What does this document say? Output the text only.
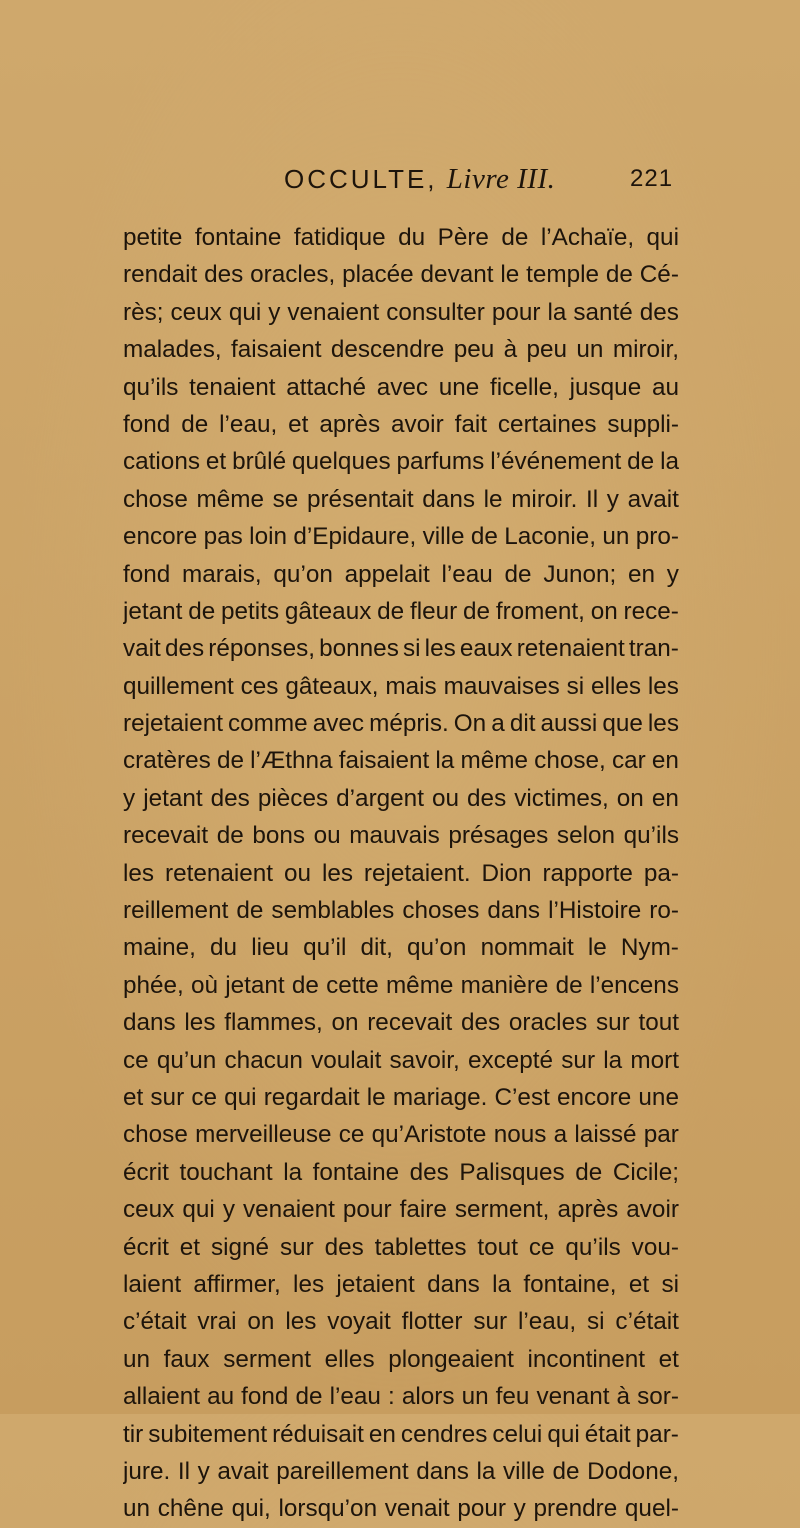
OCCULTE, Livre III.	221
petite fontaine fatidique du Père de l’Achaïe, qui
rendait des oracles, placée devant le temple de Cé-
rès; ceux qui y venaient consulter pour la santé des
malades, faisaient descendre peu à peu un miroir,
qu’ils tenaient attaché avec une ficelle, jusque au
fond de l’eau, et après avoir fait certaines suppli-
cations et brûlé quelques parfums l’événement de la
chose même se présentait dans le miroir. Il y avait
encore pas loin d’Epidaure, ville de Laconie, un pro-
fond marais, qu’on appelait l’eau de Junon; en y
jetant de petits gâteaux de fleur de froment, on rece-
vait des réponses, bonnes si les eaux retenaient tran-
quillement ces gâteaux, mais mauvaises si elles les
rejetaient comme avec mépris. On a dit aussi que les
cratères de l’Æthna faisaient la même chose, car en
y jetant des pièces d’argent ou des victimes, on en
recevait de bons ou mauvais présages selon qu’ils
les retenaient ou les rejetaient. Dion rapporte pa-
reillement de semblables choses dans l’Histoire ro-
maine, du lieu qu’il dit, qu’on nommait le Nym-
phée, où jetant de cette même manière de l’encens
dans les flammes, on recevait des oracles sur tout
ce qu’un chacun voulait savoir, excepté sur la mort
et sur ce qui regardait le mariage. C’est encore une
chose merveilleuse ce qu’Aristote nous a laissé par
écrit touchant la fontaine des Palisques de Cicile;
ceux qui y venaient pour faire serment, après avoir
écrit et signé sur des tablettes tout ce qu’ils vou-
laient affirmer, les jetaient dans la fontaine, et si
c’était vrai on les voyait flotter sur l’eau, si c’était
un faux serment elles plongeaient incontinent et
allaient au fond de l’eau : alors un feu venant à sor-
tir subitement réduisait en cendres celui qui était par-
jure. Il y avait pareillement dans la ville de Dodone,
un chêne qui, lorsqu’on venait pour y prendre quel-
